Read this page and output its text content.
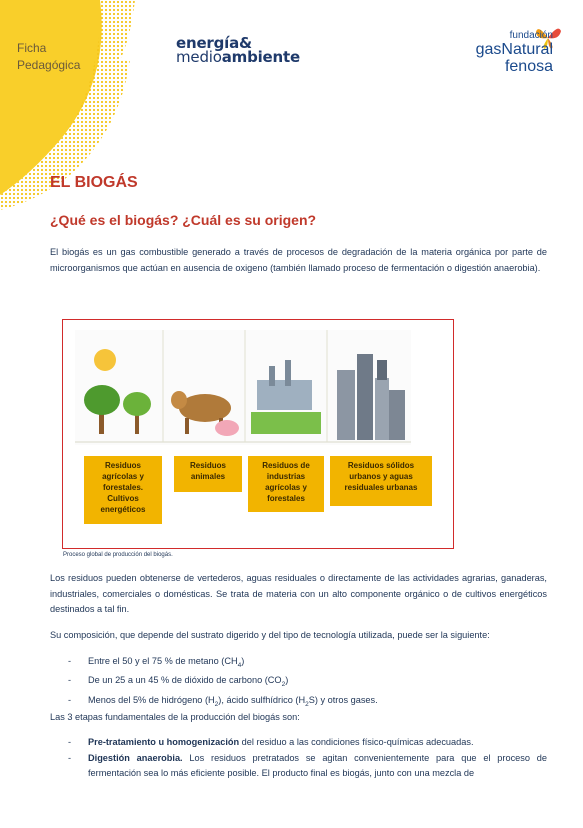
Ficha
Pedagógica
energía&
medioambiente
fundación
gasNatural
fenosa
EL BIOGÁS
¿Qué es el biogás? ¿Cuál es su origen?
El biogás es un gas combustible generado a través de procesos de degradación de la materia orgánica por parte de microorganismos que actúan en ausencia de oxigeno (también llamado proceso de fermentación o digestión anaerobia).
Residuos agrícolas y forestales. Cultivos energéticos
Residuos animales
Residuos de industrias agrícolas y forestales
Residuos sólidos urbanos y aguas residuales urbanas
Proceso global de producción del biogás.
Los residuos pueden obtenerse de vertederos, aguas residuales o directamente de las actividades agrarias, ganaderas, industriales, comerciales o domésticas. Se trata de materia con un alto componente orgánico o de cultivos energéticos destinados a tal fin.
Su composición, que depende del sustrato digerido y del tipo de tecnología utilizada, puede ser la siguiente:
- Entre el 50 y el 75 % de metano $(CH_4)$
- De un 25 a un 45 % de dióxido de carbono $(CO_2)$
- Menos del 5% de hidrógeno $(H_2)$, ácido sulfhídrico $(H_2S)$ y otros gases.
Las 3 etapas fundamentales de la producción del biogás son:
- Pre-tratamiento u homogenización del residuo a las condiciones físico-químicas adecuadas.
- Digestión anaerobia. Los residuos pretratados se agitan convenientemente para que el proceso de fermentación sea lo más eficiente posible. El producto final es biogás, junto con una mezcla de
